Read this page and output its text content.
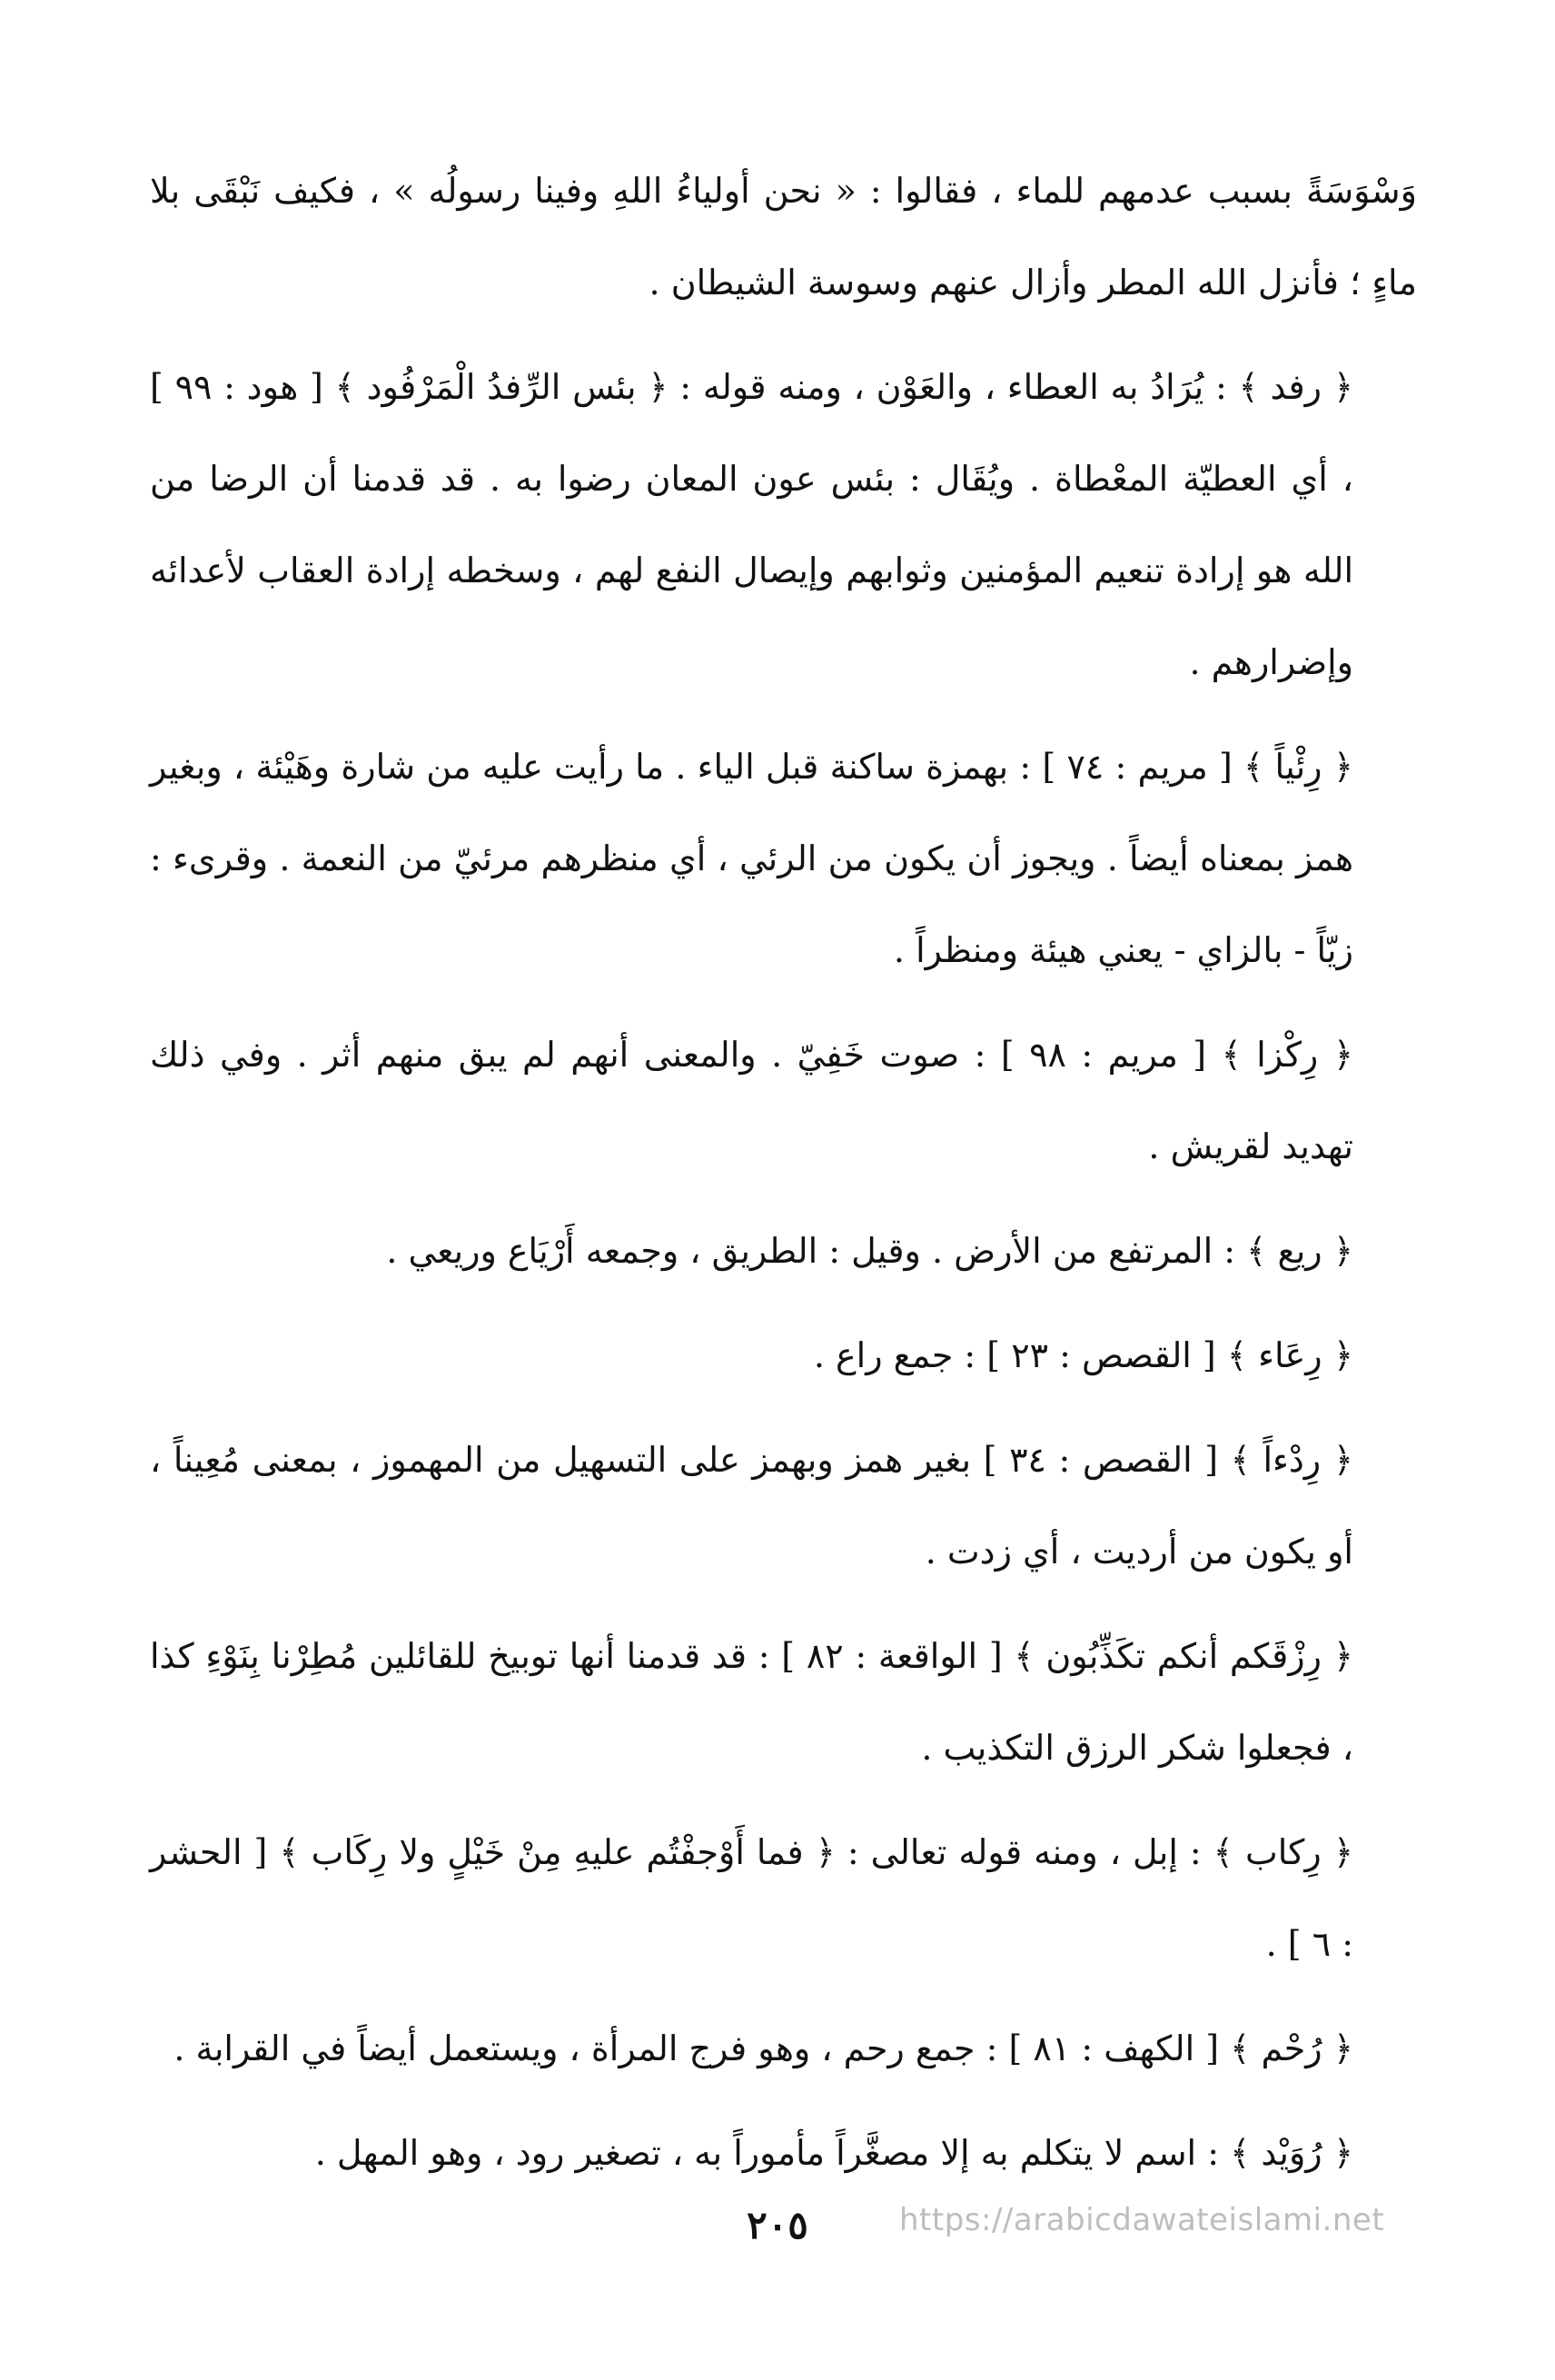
وَسْوَسَةً بسبب عدمهم للماء ، فقالوا : « نحن أولياءُ اللهِ وفينا رسولُه » ، فكيف نَبْقَى بلا ماءٍ ؛ فأنزل الله المطر وأزال عنهم وسوسة الشيطان .

﴿ رفد ﴾ : يُرَادُ به العطاء ، والعَوْن ، ومنه قوله : ﴿ بئس الرِّفدُ الْمَرْفُود ﴾ [ هود : ٩٩ ] ، أي العطيّة المعْطاة . ويُقَال : بئس عون المعان رضوا به . قد قدمنا أن الرضا من الله هو إرادة تنعيم المؤمنين وثوابهم وإيصال النفع لهم ، وسخطه إرادة العقاب لأعدائه وإضرارهم .

﴿ رِئْياً ﴾ [ مريم : ٧٤ ] : بهمزة ساكنة قبل الياء . ما رأيت عليه من شارة وهَيْئة ، وبغير همز بمعناه أيضاً . ويجوز أن يكون من الرئي ، أي منظرهم مرئيّ من النعمة . وقرىء : زيّاً - بالزاي - يعني هيئة ومنظراً .

﴿ رِكْزا ﴾ [ مريم : ٩٨ ] : صوت خَفِيّ . والمعنى أنهم لم يبق منهم أثر . وفي ذلك تهديد لقريش .

﴿ ريع ﴾ : المرتفع من الأرض . وقيل : الطريق ، وجمعه أَرْيَاع وريعي .

﴿ رِعَاء ﴾ [ القصص : ٢٣ ] : جمع راع .

﴿ رِدْءاً ﴾ [ القصص : ٣٤ ] بغير همز وبهمز على التسهيل من المهموز ، بمعنى مُعِيناً ، أو يكون من أرديت ، أي زدت .

﴿ رِزْقَكم أنكم تكَذِّبُون ﴾ [ الواقعة : ٨٢ ] : قد قدمنا أنها توبيخ للقائلين مُطِرْنا بِنَوْءِ كذا ، فجعلوا شكر الرزق التكذيب .

﴿ رِكاب ﴾ : إبل ، ومنه قوله تعالى : ﴿ فما أَوْجفْتُم عليهِ مِنْ خَيْلٍ ولا رِكَاب ﴾ [ الحشر : ٦ ] .

﴿ رُحْم ﴾ [ الكهف : ٨١ ] : جمع رحم ، وهو فرج المرأة ، ويستعمل أيضاً في القرابة .

﴿ رُوَيْد ﴾ : اسم لا يتكلم به إلا مصغَّراً مأموراً به ، تصغير رود ، وهو المهل .

٢٠٥	https://arabicdawateislami.net
